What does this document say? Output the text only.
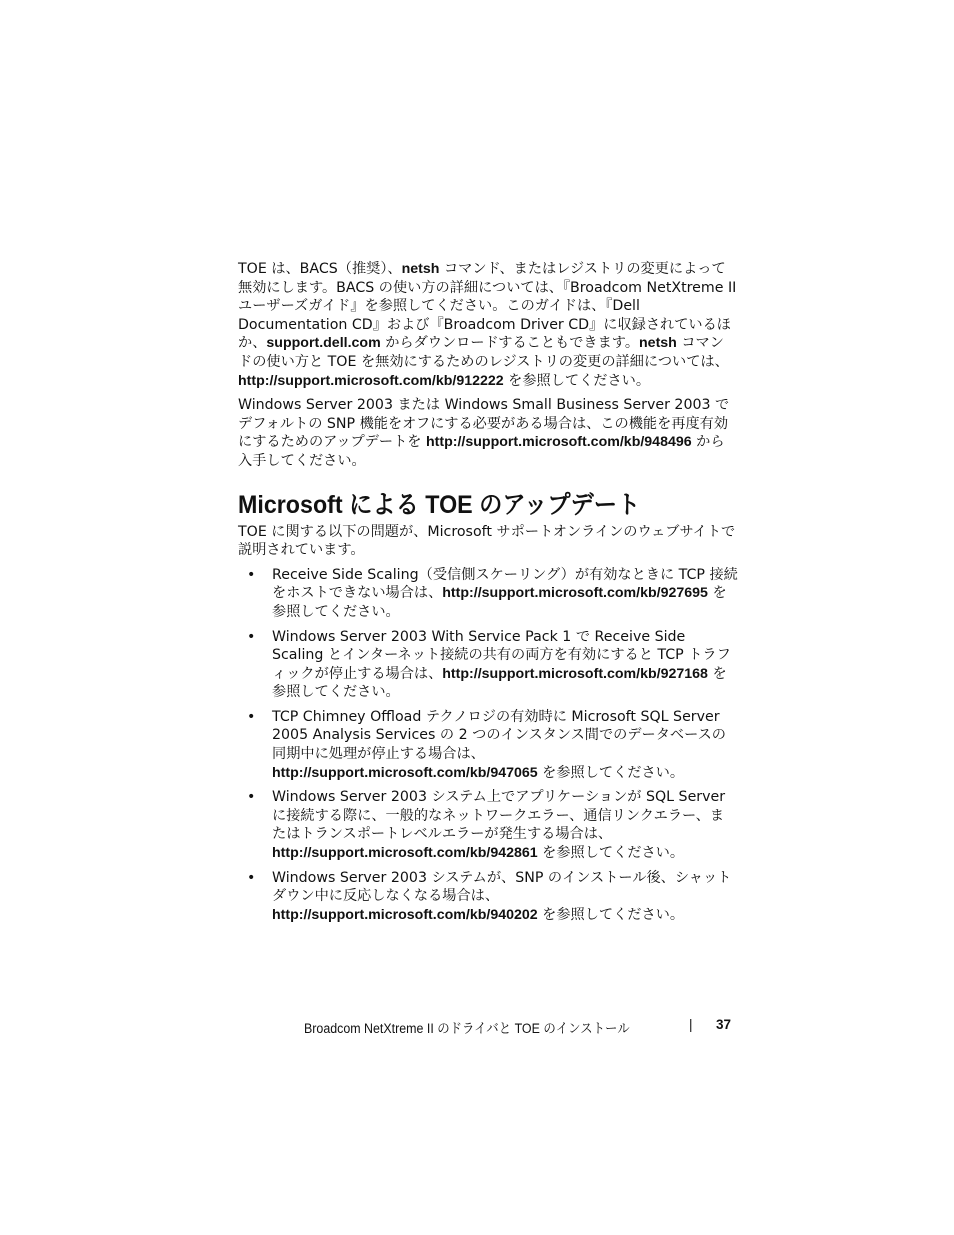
TOE は、BACS（推奨）、netsh コマンド、またはレジストリの変更によって無効にします。BACS の使い方の詳細については、『Broadcom NetXtreme II ユーザーズガイド』を参照してください。このガイドは、『Dell Documentation CD』および『Broadcom Driver CD』に収録されているほか、support.dell.com からダウンロードすることもできます。netsh コマンドの使い方と TOE を無効にするためのレジストリの変更の詳細については、http://support.microsoft.com/kb/912222 を参照してください。

Windows Server 2003 または Windows Small Business Server 2003 でデフォルトの SNP 機能をオフにする必要がある場合は、この機能を再度有効にするためのアップデートを http://support.microsoft.com/kb/948496 から入手してください。

Microsoft による TOE のアップデート

TOE に関する以下の問題が、Microsoft サポートオンラインのウェブサイトで説明されています。

• Receive Side Scaling（受信側スケーリング）が有効なときに TCP 接続をホストできない場合は、http://support.microsoft.com/kb/927695 を参照してください。
• Windows Server 2003 With Service Pack 1 で Receive Side Scaling とインターネット接続の共有の両方を有効にすると TCP トラフィックが停止する場合は、http://support.microsoft.com/kb/927168 を参照してください。
• TCP Chimney Offload テクノロジの有効時に Microsoft SQL Server 2005 Analysis Services の 2 つのインスタンス間でのデータベースの同期中に処理が停止する場合は、http://support.microsoft.com/kb/947065 を参照してください。
• Windows Server 2003 システム上でアプリケーションが SQL Server に接続する際に、一般的なネットワークエラー、通信リンクエラー、またはトランスポートレベルエラーが発生する場合は、http://support.microsoft.com/kb/942861 を参照してください。
• Windows Server 2003 システムが、SNP のインストール後、シャットダウン中に反応しなくなる場合は、http://support.microsoft.com/kb/940202 を参照してください。
Broadcom NetXtreme II のドライバと TOE のインストール	| 37
